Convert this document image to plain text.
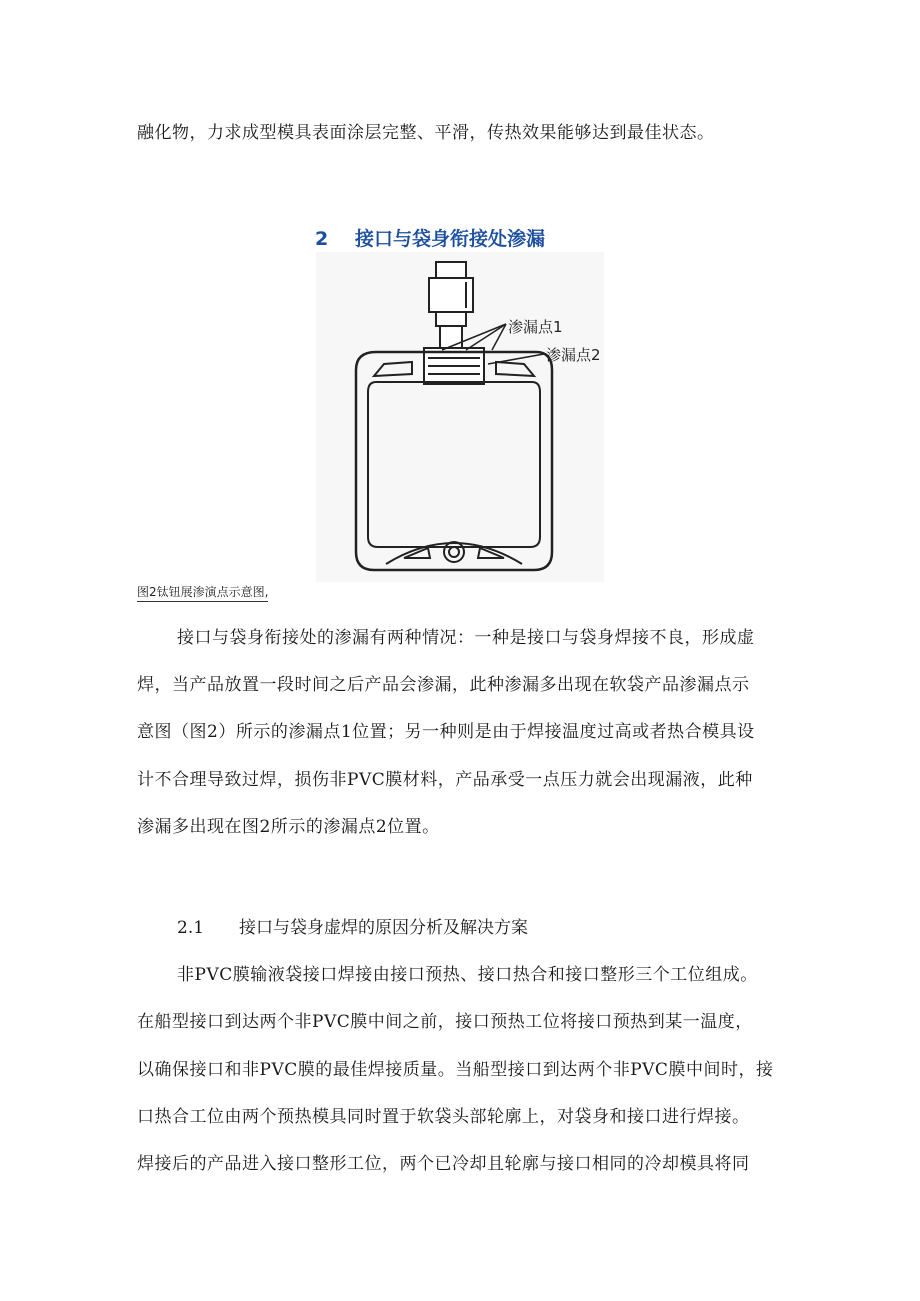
融化物，力求成型模具表面涂层完整、平滑，传热效果能够达到最佳状态。
2 接口与袋身衔接处渗漏
渗漏点1
渗漏点2
图2钛钮展渗演点示意图,
接口与袋身衔接处的渗漏有两种情况：一种是接口与袋身焊接不良，形成虚
焊，当产品放置一段时间之后产品会渗漏，此种渗漏多出现在软袋产品渗漏点示
意图（图2）所示的渗漏点1位置；另一种则是由于焊接温度过高或者热合模具设
计不合理导致过焊，损伤非PVC膜材料，产品承受一点压力就会出现漏液，此种
渗漏多出现在图2所示的渗漏点2位置。
2.1 接口与袋身虚焊的原因分析及解决方案
非PVC膜输液袋接口焊接由接口预热、接口热合和接口整形三个工位组成。
在船型接口到达两个非PVC膜中间之前，接口预热工位将接口预热到某一温度，
以确保接口和非PVC膜的最佳焊接质量。当船型接口到达两个非PVC膜中间时，接
口热合工位由两个预热模具同时置于软袋头部轮廓上，对袋身和接口进行焊接。
焊接后的产品进入接口整形工位，两个已冷却且轮廓与接口相同的冷却模具将同
